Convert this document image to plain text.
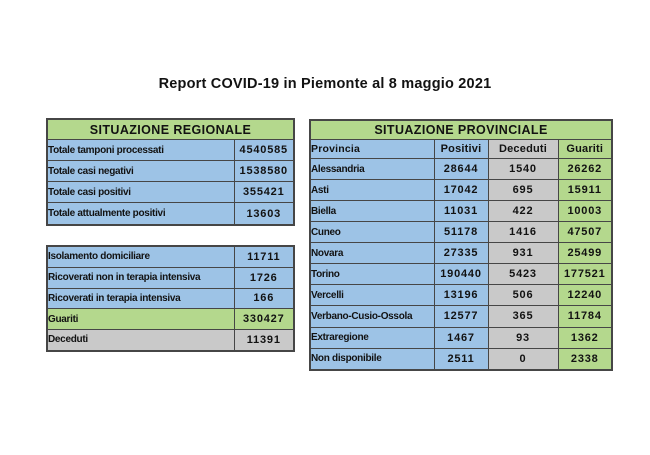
Report COVID-19 in Piemonte al 8 maggio 2021
SITUAZIONE REGIONALE	
Totale tamponi processati	4540585
Totale casi negativi	1538580
Totale casi positivi	355421
Totale attualmente positivi	13603
Isolamento domiciliare	11711
Ricoverati non in terapia intensiva	1726
Ricoverati in terapia intensiva	166
Guariti	330427
Deceduti	11391
SITUAZIONE PROVINCIALE			
Provincia	Positivi	Deceduti	Guariti
Alessandria	28644	1540	26262
Asti	17042	695	15911
Biella	11031	422	10003
Cuneo	51178	1416	47507
Novara	27335	931	25499
Torino	190440	5423	177521
Vercelli	13196	506	12240
Verbano-Cusio-Ossola	12577	365	11784
Extraregione	1467	93	1362
Non disponibile	2511	0	2338
